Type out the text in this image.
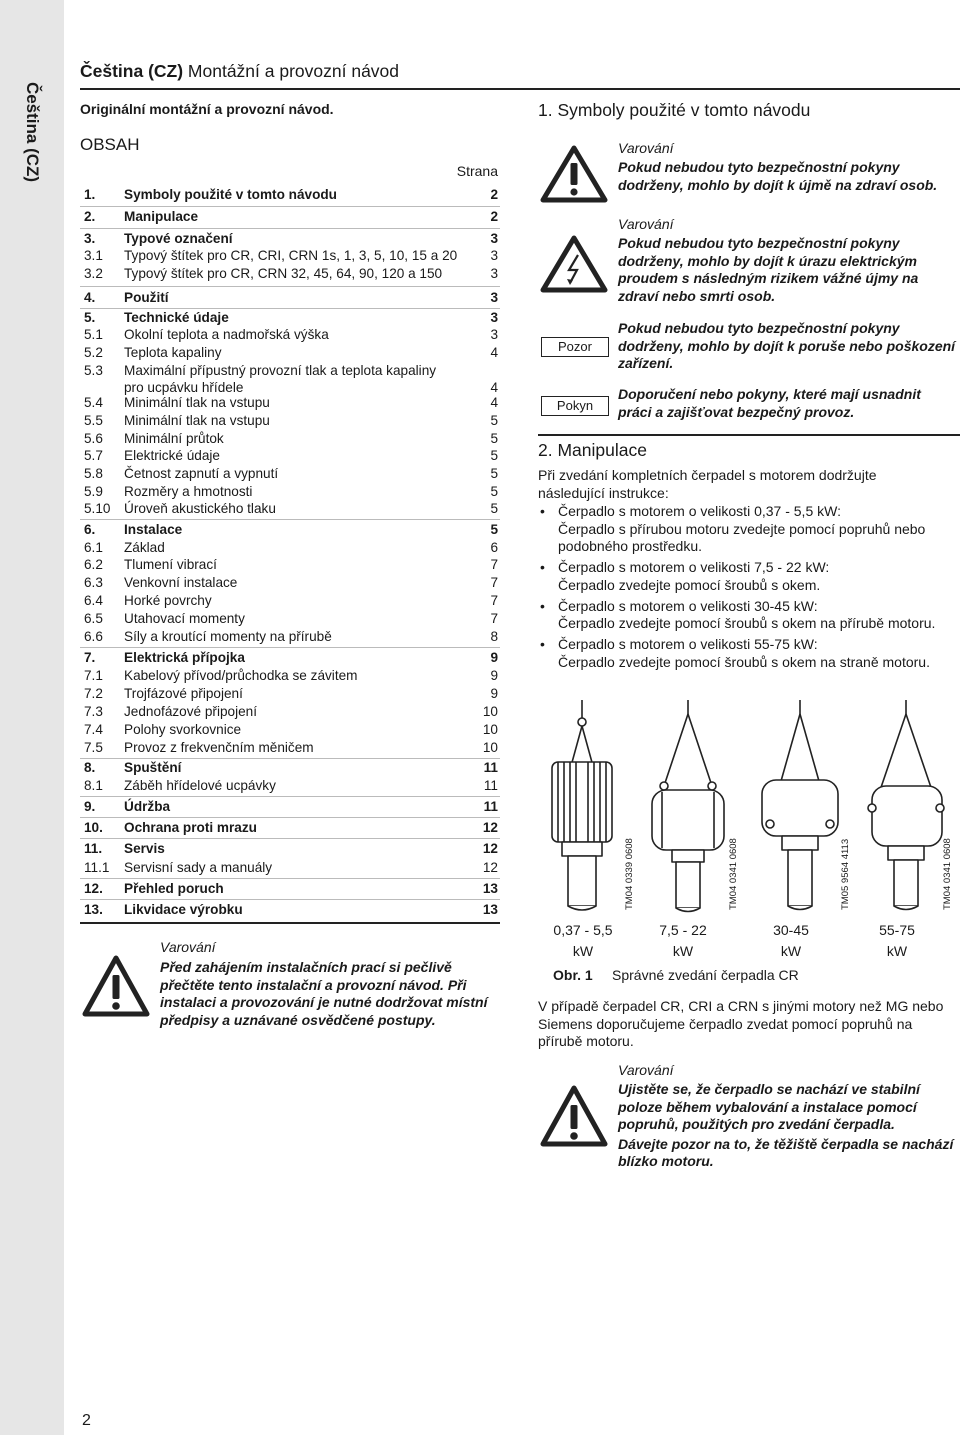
Čeština (CZ)
Čeština (CZ) Montážní a provozní návod
Originální montážní a provozní návod.
OBSAH
Strana
1. Symboly použité v tomto návodu	2
2. Manipulace	2
3. Typové označení	3
3.1 Typový štítek pro CR, CRI, CRN 1s, 1, 3, 5, 10, 15 a 20	3
3.2 Typový štítek pro CR, CRN 32, 45, 64, 90, 120 a 150	3
4. Použití	3
5. Technické údaje	3
5.1 Okolní teplota a nadmořská výška	3
5.2 Teplota kapaliny	4
5.3 Maximální přípustný provozní tlak a teplota kapaliny
pro ucpávku hřídele	4
5.4 Minimální tlak na vstupu	4
5.5 Minimální tlak na vstupu	5
5.6 Minimální průtok	5
5.7 Elektrické údaje	5
5.8 Četnost zapnutí a vypnutí	5
5.9 Rozměry a hmotnosti	5
5.10 Úroveň akustického tlaku	5
6. Instalace	5
6.1 Základ	6
6.2 Tlumení vibrací	7
6.3 Venkovní instalace	7
6.4 Horké povrchy	7
6.5 Utahovací momenty	7
6.6 Síly a kroutící momenty na přírubě	8
7. Elektrická přípojka	9
7.1 Kabelový přívod/průchodka se závitem	9
7.2 Trojfázové připojení	9
7.3 Jednofázové připojení	10
7.4 Polohy svorkovnice	10
7.5 Provoz z frekvenčním měničem	10
8. Spuštění	11
8.1 Záběh hřídelové ucpávky	11
9. Údržba	11
10. Ochrana proti mrazu	12
11. Servis	12
11.1 Servisní sady a manuály	12
12. Přehled poruch	13
13. Likvidace výrobku	13
Varování
Před zahájením instalačních prací si pečlivě přečtěte tento instalační a provozní návod. Při instalaci a provozování je nutné dodržovat místní předpisy a uznávané osvědčené postupy.
2
1. Symboly použité v tomto návodu
Varování
Pokud nebudou tyto bezpečnostní pokyny dodrženy, mohlo by dojít k újmě na zdraví osob.
Varování
Pokud nebudou tyto bezpečnostní pokyny dodrženy, mohlo by dojít k úrazu elektrickým proudem s následným rizikem vážné újmy na zdraví nebo smrti osob.
Pozor
Pokud nebudou tyto bezpečnostní pokyny dodrženy, mohlo by dojít k poruše nebo poškození zařízení.
Pokyn
Doporučení nebo pokyny, které mají usnadnit práci a zajišťovat bezpečný provoz.
2. Manipulace
Při zvedání kompletních čerpadel s motorem dodržujte následující instrukce:
• Čerpadlo s motorem o velikosti 0,37 - 5,5 kW:
Čerpadlo s přírubou motoru zvedejte pomocí popruhů nebo podobného prostředku.
• Čerpadlo s motorem o velikosti 7,5 - 22 kW:
Čerpadlo zvedejte pomocí šroubů s okem.
• Čerpadlo s motorem o velikosti 30-45 kW:
Čerpadlo zvedejte pomocí šroubů s okem na přírubě motoru.
• Čerpadlo s motorem o velikosti 55-75 kW:
Čerpadlo zvedejte pomocí šroubů s okem na straně motoru.
TM04 0339 0608	TM04 0341 0608	TM05 9564 4113	TM04 0341 0608
0,37 - 5,5
kW
7,5 - 22
kW
30-45
kW
55-75
kW
Obr. 1 Správné zvedání čerpadla CR
V případě čerpadel CR, CRI a CRN s jinými motory než MG nebo Siemens doporučujeme čerpadlo zvedat pomocí popruhů na přírubě motoru.
Varování
Ujistěte se, že čerpadlo se nachází ve stabilní poloze během vybalování a instalace pomocí popruhů, použitých pro zvedání čerpadla.
Dávejte pozor na to, že těžiště čerpadla se nachází blízko motoru.
